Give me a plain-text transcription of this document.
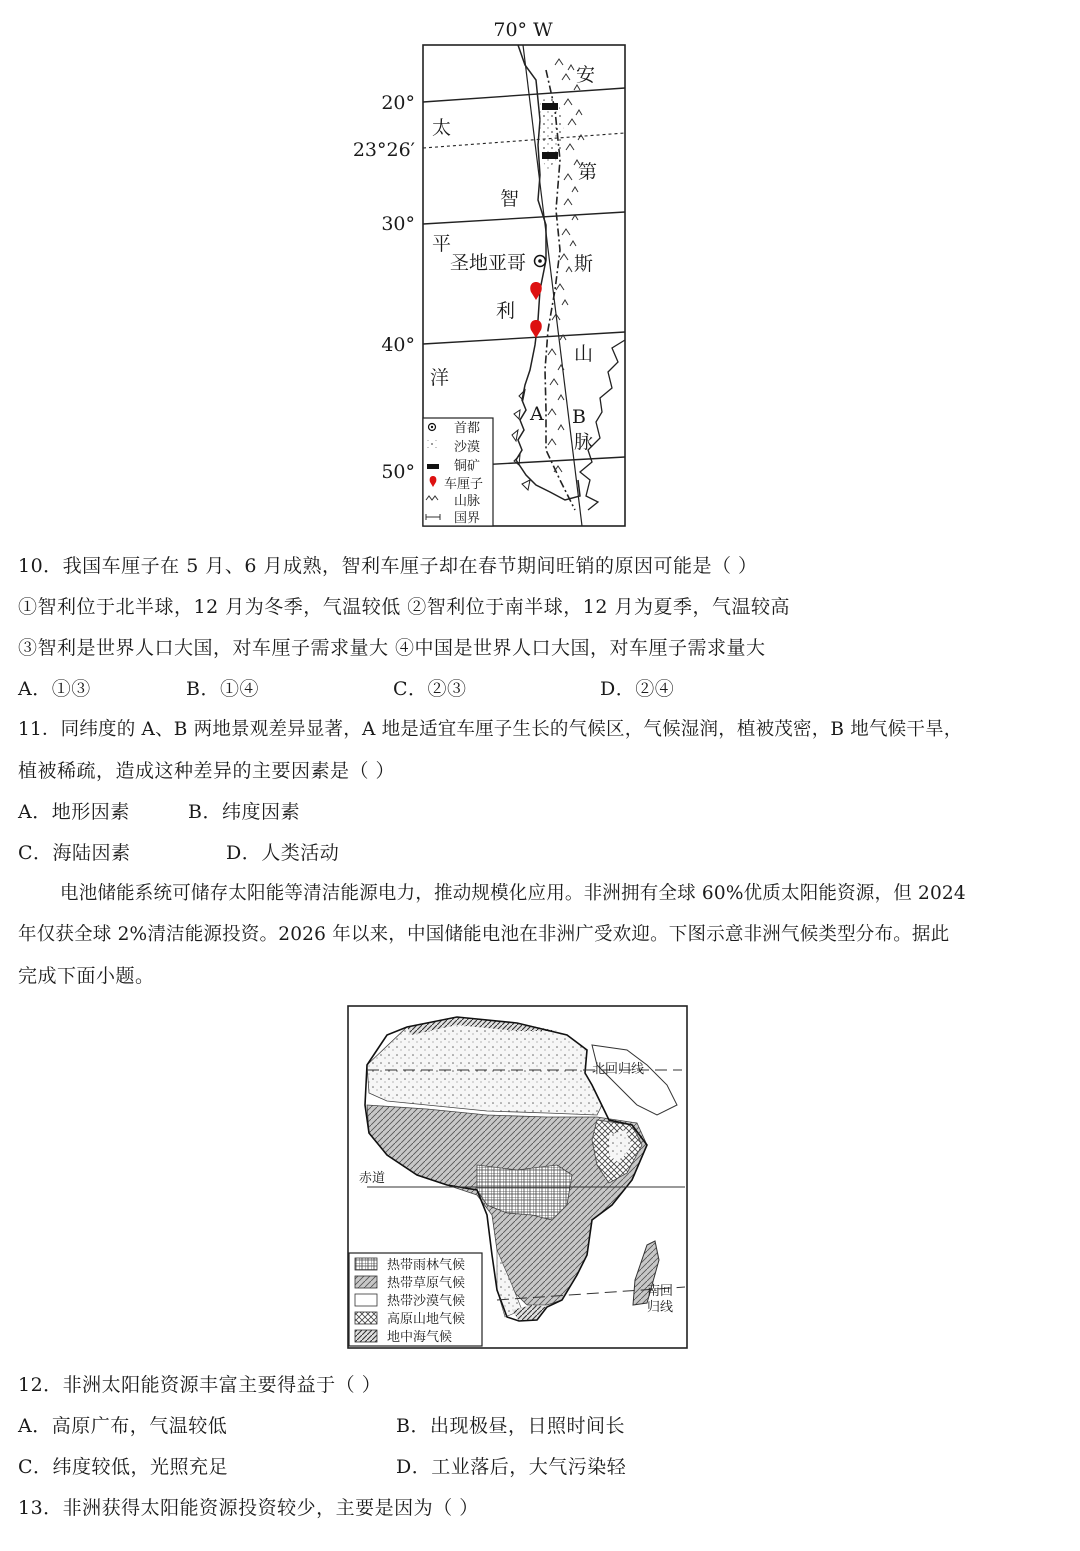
70° W
20°
23°26′
30°
40°
50°
太
平
利
洋
智
圣地亚哥
安
第
斯
山
脉
A B
首都
沙漠
铜矿
车厘子
山脉
国界
10．我国车厘子在 5 月、6 月成熟，智利车厘子却在春节期间旺销的原因可能是（ ）
①智利位于北半球，12 月为冬季，气温较低 ②智利位于南半球，12 月为夏季，气温较高
③智利是世界人口大国，对车厘子需求量大 ④中国是世界人口大国，对车厘子需求量大
A．①③	B．①④	C．②③	D．②④
11．同纬度的 A、B 两地景观差异显著，A 地是适宜车厘子生长的气候区，气候湿润，植被茂密，B 地气候干旱，
植被稀疏，造成这种差异的主要因素是（ ）
A．地形因素	B．纬度因素
C．海陆因素	D．人类活动
电池储能系统可储存太阳能等清洁能源电力，推动规模化应用。非洲拥有全球 60%优质太阳能资源，但 2024
年仅获全球 2%清洁能源投资。2026 年以来，中国储能电池在非洲广受欢迎。下图示意非洲气候类型分布。据此
完成下面小题。
北回归线
赤道
南回
归线
热带雨林气候
热带草原气候
热带沙漠气候
高原山地气候
地中海气候
12．非洲太阳能资源丰富主要得益于（ ）
A．高原广布，气温较低	B．出现极昼，日照时间长
C．纬度较低，光照充足	D．工业落后，大气污染轻
13．非洲获得太阳能资源投资较少，主要是因为（ ）
